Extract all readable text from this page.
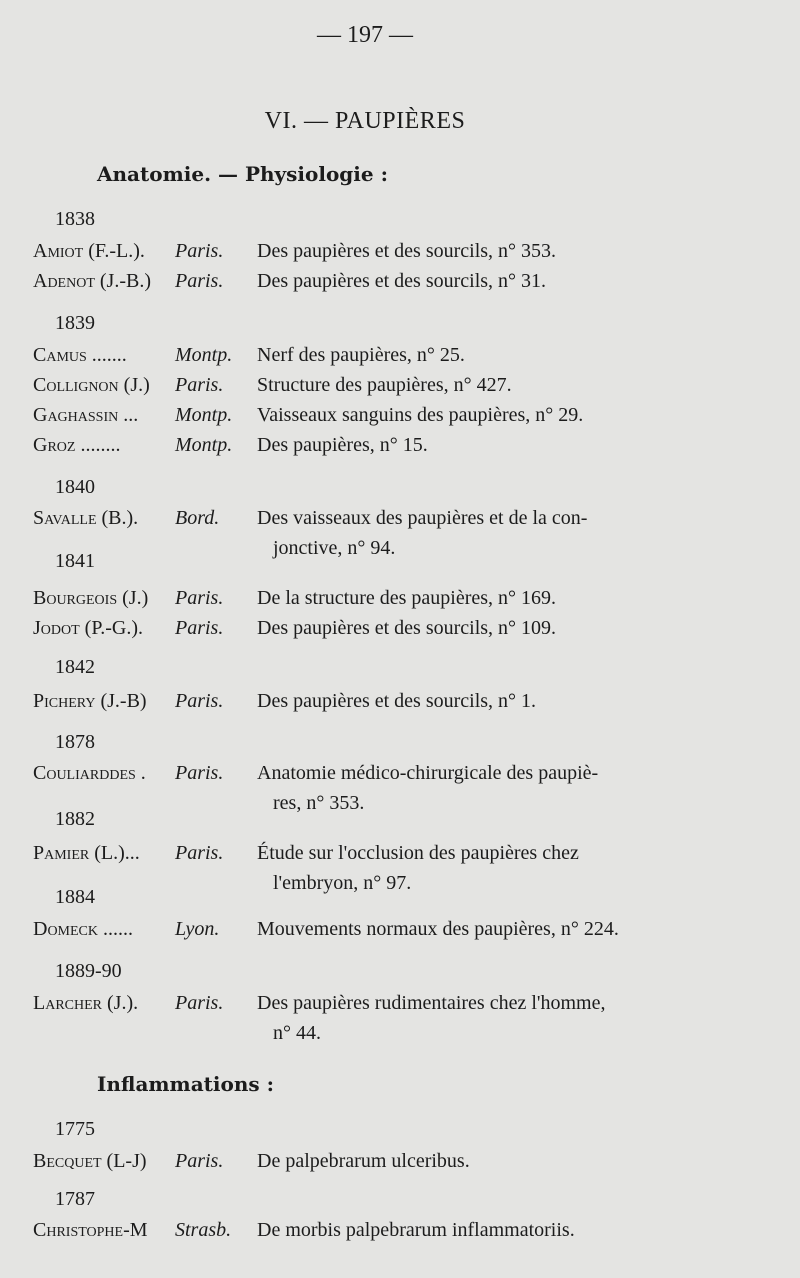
— 197 —
VI. — PAUPIÈRES
Anatomie. — Physiologie :
1838
Amiot (F.-L.).	Paris.	Des paupières et des sourcils, n° 353.
Adenot (J.-B.)	Paris.	Des paupières et des sourcils, n° 31.
1839
Camus .......	Montp.	Nerf des paupières, n° 25.
Collignon (J.)	Paris.	Structure des paupières, n° 427.
Gaghassin ...	Montp.	Vaisseaux sanguins des paupières, n° 29.
Groz ........	Montp.	Des paupières, n° 15.
1840
Savalle (B.).	Bord.	Des vaisseaux des paupières et de la con-
jonctive, n° 94.
1841
Bourgeois (J.)	Paris.	De la structure des paupières, n° 169.
Jodot (P.-G.).	Paris.	Des paupières et des sourcils, n° 109.
1842
Pichery (J.-B)	Paris.	Des paupières et des sourcils, n° 1.
1878
Couliarddes .	Paris.	Anatomie médico-chirurgicale des paupiè-
res, n° 353.
1882
Pamier (L.)...	Paris.	Étude sur l'occlusion des paupières chez
l'embryon, n° 97.
1884
Domeck ......	Lyon.	Mouvements normaux des paupières, n° 224.
1889-90
Larcher (J.).	Paris.	Des paupières rudimentaires chez l'homme,
n° 44.
Inflammations :
1775
Becquet (L-J)	Paris.	De palpebrarum ulceribus.
1787
Christophe-M	Strasb.	De morbis palpebrarum inflammatoriis.
